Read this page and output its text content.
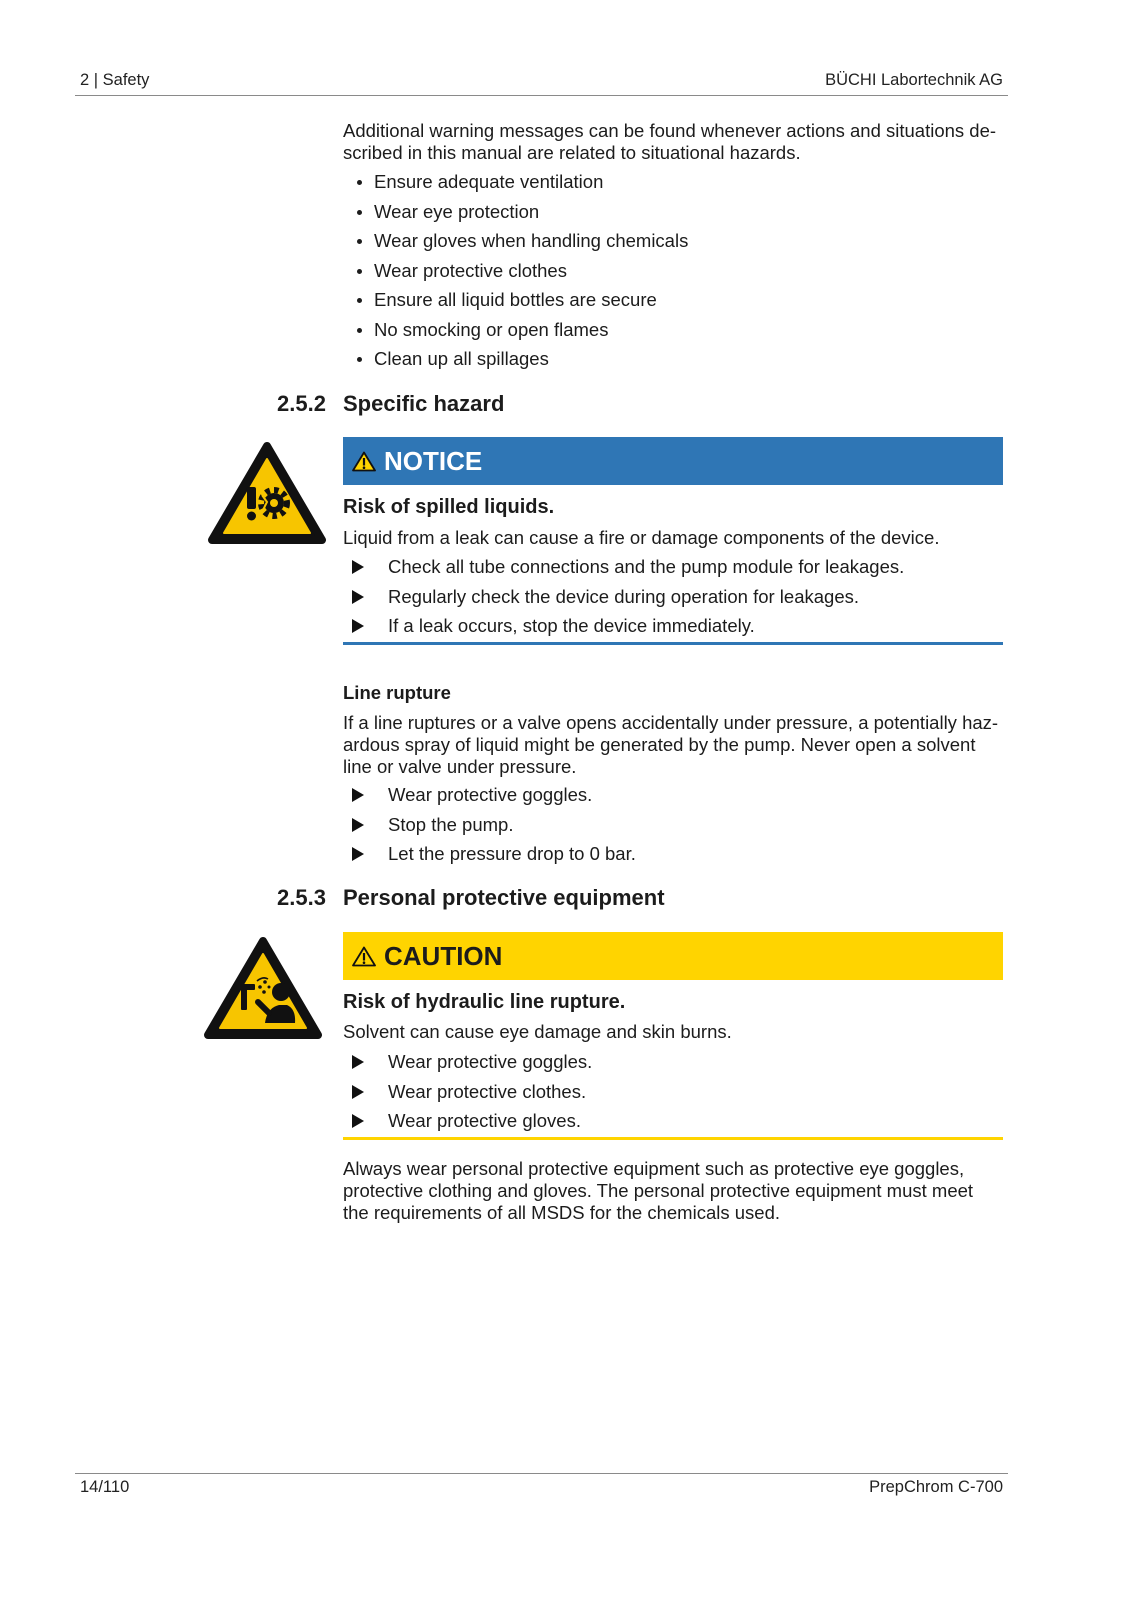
2 | Safety	BÜCHI Labortechnik AG
Additional warning messages can be found whenever actions and situations de-
scribed in this manual are related to situational hazards.
Ensure adequate ventilation
Wear eye protection
Wear gloves when handling chemicals
Wear protective clothes
Ensure all liquid bottles are secure
No smocking or open flames
Clean up all spillages
2.5.2 Specific hazard
NOTICE
Risk of spilled liquids.
Liquid from a leak can cause a fire or damage components of the device.
Check all tube connections and the pump module for leakages.
Regularly check the device during operation for leakages.
If a leak occurs, stop the device immediately.
Line rupture
If a line ruptures or a valve opens accidentally under pressure, a potentially haz-
ardous spray of liquid might be generated by the pump. Never open a solvent
line or valve under pressure.
Wear protective goggles.
Stop the pump.
Let the pressure drop to 0 bar.
2.5.3 Personal protective equipment
CAUTION
Risk of hydraulic line rupture.
Solvent can cause eye damage and skin burns.
Wear protective goggles.
Wear protective clothes.
Wear protective gloves.
Always wear personal protective equipment such as protective eye goggles,
protective clothing and gloves. The personal protective equipment must meet
the requirements of all MSDS for the chemicals used.
14/110	PrepChrom C-700
